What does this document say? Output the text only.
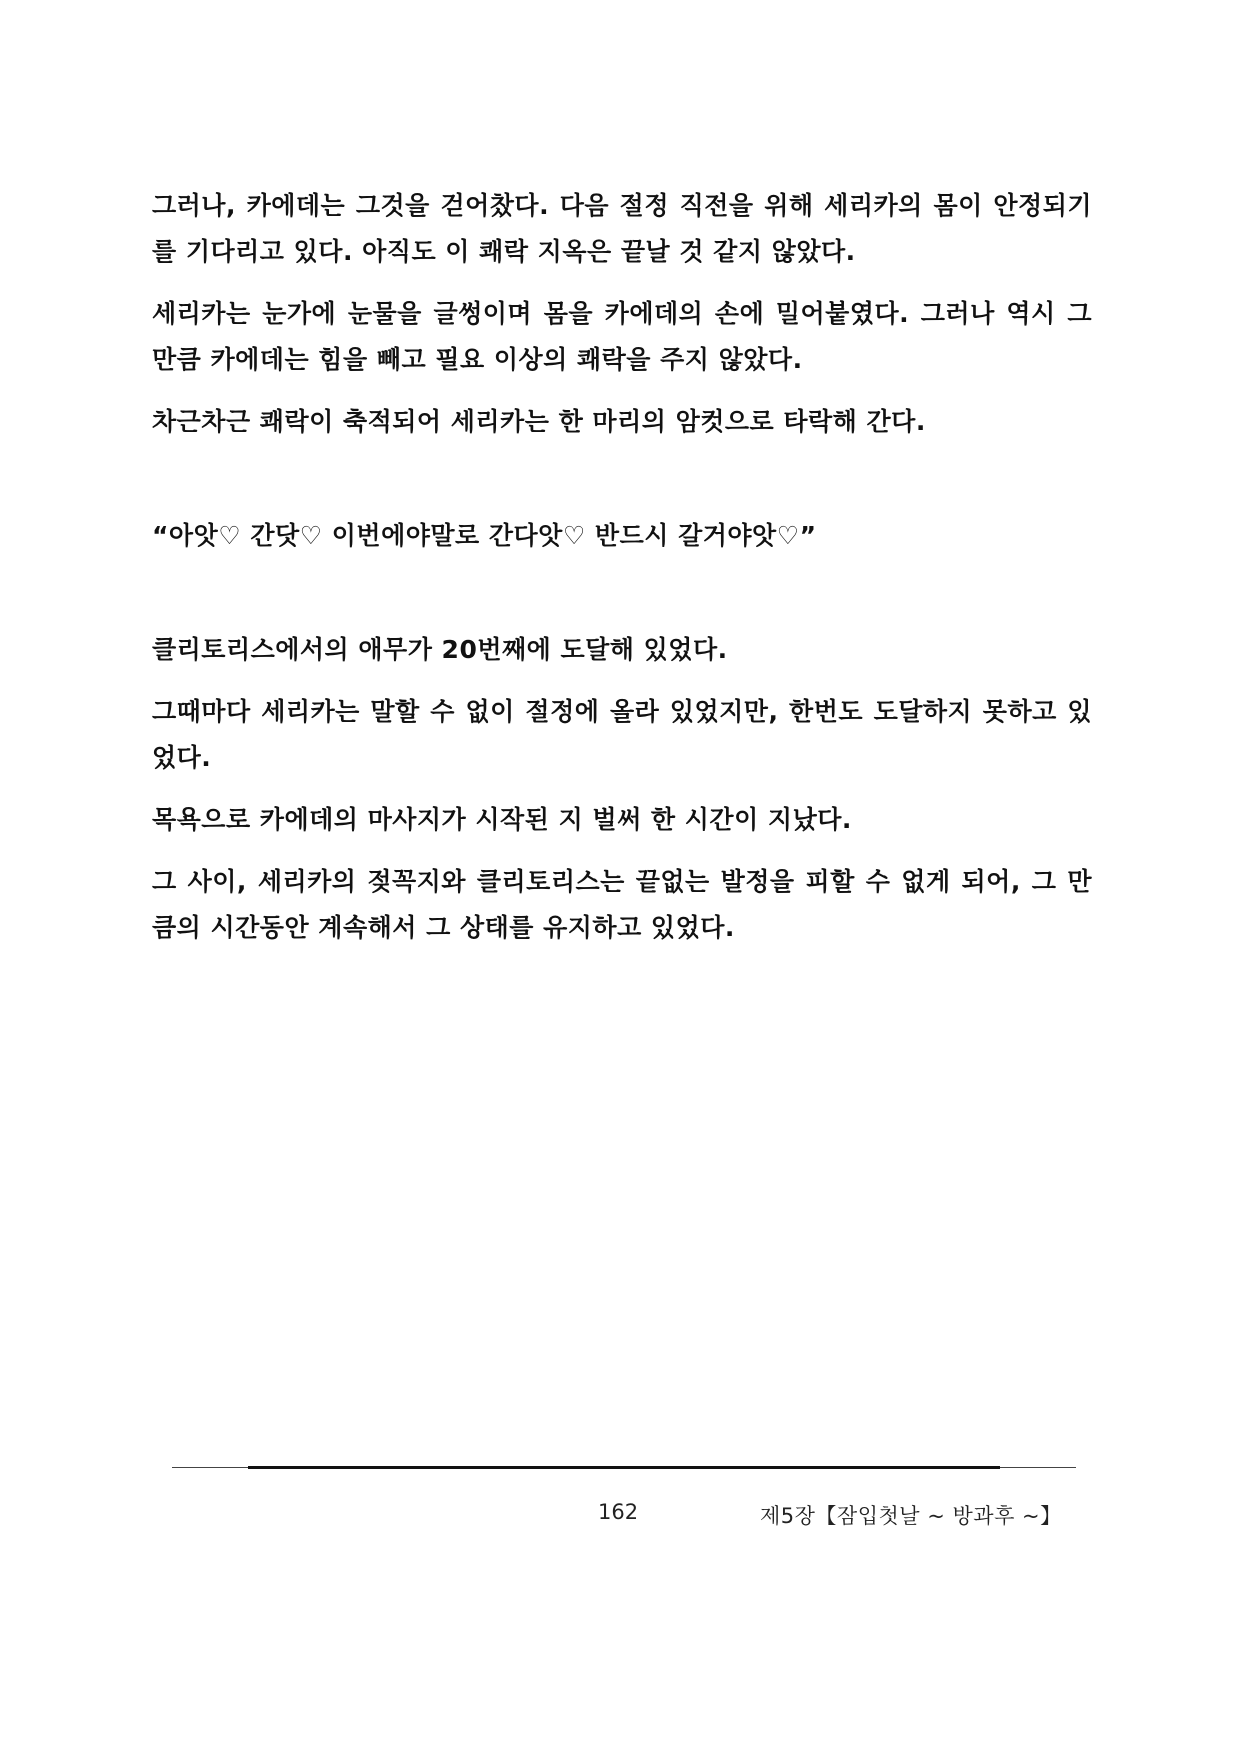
그러나, 카에데는 그것을 걷어찼다. 다음 절정 직전을 위해 세리카의 몸이 안정되기를 기다리고 있다. 아직도 이 쾌락 지옥은 끝날 것 같지 않았다.

세리카는 눈가에 눈물을 글썽이며 몸을 카에데의 손에 밀어붙였다. 그러나 역시 그만큼 카에데는 힘을 빼고 필요 이상의 쾌락을 주지 않았다.

차근차근 쾌락이 축적되어 세리카는 한 마리의 암컷으로 타락해 간다.

“아앗♡ 간닷♡ 이번에야말로 간다앗♡ 반드시 갈거야앗♡”

클리토리스에서의 애무가 20번째에 도달해 있었다.

그때마다 세리카는 말할 수 없이 절정에 올라 있었지만, 한번도 도달하지 못하고 있었다.

목욕으로 카에데의 마사지가 시작된 지 벌써 한 시간이 지났다.

그 사이, 세리카의 젖꼭지와 클리토리스는 끝없는 발정을 피할 수 없게 되어, 그 만큼의 시간동안 계속해서 그 상태를 유지하고 있었다.

162	제5장【잠입첫날 ~ 방과후 ~】
